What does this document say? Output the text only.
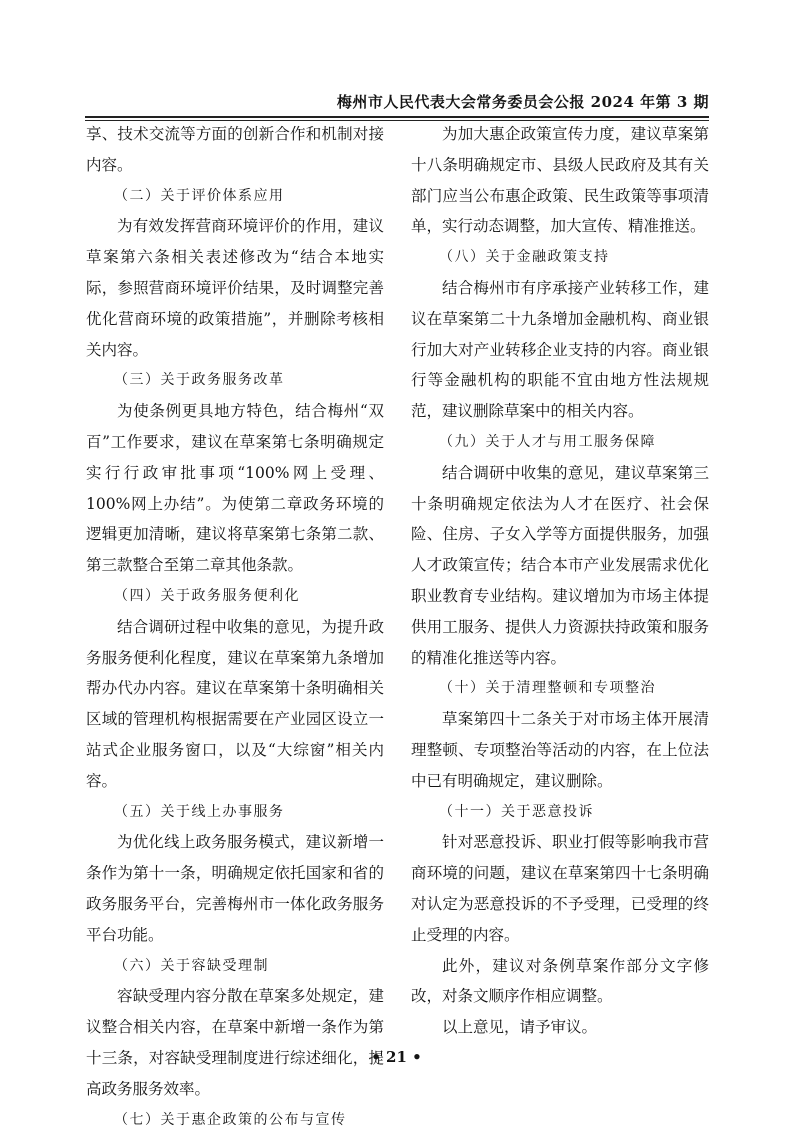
梅州市人民代表大会常务委员会公报 2024 年第 3 期

享、技术交流等方面的创新合作和机制对接内容。

（二）关于评价体系应用

为有效发挥营商环境评价的作用，建议草案第六条相关表述修改为“结合本地实际，参照营商环境评价结果，及时调整完善优化营商环境的政策措施”，并删除考核相关内容。

（三）关于政务服务改革

为使条例更具地方特色，结合梅州“双百”工作要求，建议在草案第七条明确规定实行行政审批事项“100%网上受理、100%网上办结”。为使第二章政务环境的逻辑更加清晰，建议将草案第七条第二款、第三款整合至第二章其他条款。

（四）关于政务服务便利化

结合调研过程中收集的意见，为提升政务服务便利化程度，建议在草案第九条增加帮办代办内容。建议在草案第十条明确相关区域的管理机构根据需要在产业园区设立一站式企业服务窗口，以及“大综窗”相关内容。

（五）关于线上办事服务

为优化线上政务服务模式，建议新增一条作为第十一条，明确规定依托国家和省的政务服务平台，完善梅州市一体化政务服务平台功能。

（六）关于容缺受理制

容缺受理内容分散在草案多处规定，建议整合相关内容，在草案中新增一条作为第十三条，对容缺受理制度进行综述细化，提高政务服务效率。

（七）关于惠企政策的公布与宣传

为加大惠企政策宣传力度，建议草案第十八条明确规定市、县级人民政府及其有关部门应当公布惠企政策、民生政策等事项清单，实行动态调整，加大宣传、精准推送。

（八）关于金融政策支持

结合梅州市有序承接产业转移工作，建议在草案第二十九条增加金融机构、商业银行加大对产业转移企业支持的内容。商业银行等金融机构的职能不宜由地方性法规规范，建议删除草案中的相关内容。

（九）关于人才与用工服务保障

结合调研中收集的意见，建议草案第三十条明确规定依法为人才在医疗、社会保险、住房、子女入学等方面提供服务，加强人才政策宣传；结合本市产业发展需求优化职业教育专业结构。建议增加为市场主体提供用工服务、提供人力资源扶持政策和服务的精准化推送等内容。

（十）关于清理整顿和专项整治

草案第四十二条关于对市场主体开展清理整顿、专项整治等活动的内容，在上位法中已有明确规定，建议删除。

（十一）关于恶意投诉

针对恶意投诉、职业打假等影响我市营商环境的问题，建议在草案第四十七条明确对认定为恶意投诉的不予受理，已受理的终止受理的内容。

此外，建议对条例草案作部分文字修改，对条文顺序作相应调整。

以上意见，请予审议。

• 21 •
